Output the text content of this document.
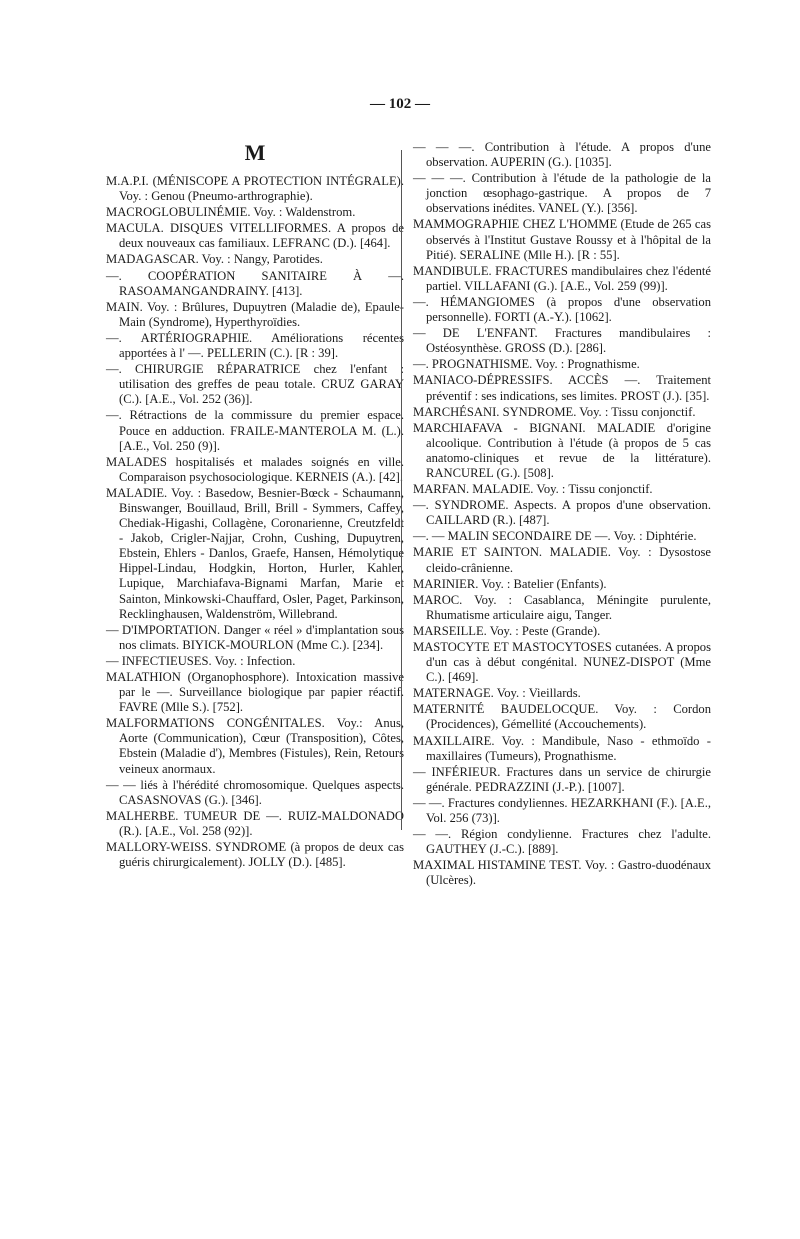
— 102 —
M

M.A.P.I. (MÉNISCOPE A PROTECTION INTÉGRALE). Voy. : Genou (Pneumo-arthrographie).

MACROGLOBULINÉMIE. Voy. : Waldenstrom.

MACULA. DISQUES VITELLIFORMES. A propos de deux nouveaux cas familiaux. LEFRANC (D.). [464].

MADAGASCAR. Voy. : Nangy, Parotides.

—. COOPÉRATION SANITAIRE À —. RASOAMANGANDRAINY. [413].

MAIN. Voy. : Brûlures, Dupuytren (Maladie de), Epaule-Main (Syndrome), Hyperthyroïdies.

—. ARTÉRIOGRAPHIE. Améliorations récentes apportées à l' —. PELLERIN (C.). [R : 39].

—. CHIRURGIE RÉPARATRICE chez l'enfant : utilisation des greffes de peau totale. CRUZ GARAY (C.). [A.E., Vol. 252 (36)].

—. Rétractions de la commissure du premier espace. Pouce en adduction. FRAILE-MANTEROLA M. (L.). [A.E., Vol. 250 (9)].

MALADES hospitalisés et malades soignés en ville. Comparaison psychosociologique. KERNEIS (A.). [42].

MALADIE. Voy. : Basedow, Besnier-Bœck - Schaumann, Binswanger, Bouillaud, Brill, Brill - Symmers, Caffey, Chediak-Higashi, Collagène, Coronarienne, Creutzfeldt - Jakob, Crigler-Najjar, Crohn, Cushing, Dupuytren, Ebstein, Ehlers - Danlos, Graefe, Hansen, Hémolytique Hippel-Lindau, Hodgkin, Horton, Hurler, Kahler, Lupique, Marchiafava-Bignami Marfan, Marie et Sainton, Minkowski-Chauffard, Osler, Paget, Parkinson, Recklinghausen, Waldenström, Willebrand.

— D'IMPORTATION. Danger « réel » d'implantation sous nos climats. BIYICK-MOURLON (Mme C.). [234].

— INFECTIEUSES. Voy. : Infection.

MALATHION (Organophosphore). Intoxication massive par le —. Surveillance biologique par papier réactif. FAVRE (Mlle S.). [752].

MALFORMATIONS CONGÉNITALES. Voy.: Anus, Aorte (Communication), Cœur (Transposition), Côtes, Ebstein (Maladie d'), Membres (Fistules), Rein, Retours veineux anormaux.

— — liés à l'hérédité chromosomique. Quelques aspects. CASASNOVAS (G.). [346].

MALHERBE. TUMEUR DE —. RUIZ-MALDONADO (R.). [A.E., Vol. 258 (92)].

MALLORY-WEISS. SYNDROME (à propos de deux cas guéris chirurgicalement). JOLLY (D.). [485].

— — —. Contribution à l'étude. A propos d'une observation. AUPERIN (G.). [1035].

— — —. Contribution à l'étude de la pathologie de la jonction œsophago-gastrique. A propos de 7 observations inédites. VANEL (Y.). [356].

MAMMOGRAPHIE CHEZ L'HOMME (Etude de 265 cas observés à l'Institut Gustave Roussy et à l'hôpital de la Pitié). SERALINE (Mlle H.). [R : 55].

MANDIBULE. FRACTURES mandibulaires chez l'édenté partiel. VILLAFANI (G.). [A.E., Vol. 259 (99)].

—. HÉMANGIOMES (à propos d'une observation personnelle). FORTI (A.-Y.). [1062].

— DE L'ENFANT. Fractures mandibulaires : Ostéosynthèse. GROSS (D.). [286].

—. PROGNATHISME. Voy. : Prognathisme.

MANIACO-DÉPRESSIFS. ACCÈS —. Traitement préventif : ses indications, ses limites. PROST (J.). [35].

MARCHÉSANI. SYNDROME. Voy. : Tissu conjonctif.

MARCHIAFAVA - BIGNANI. MALADIE d'origine alcoolique. Contribution à l'étude (à propos de 5 cas anatomo-cliniques et revue de la littérature). RANCUREL (G.). [508].

MARFAN. MALADIE. Voy. : Tissu conjonctif.

—. SYNDROME. Aspects. A propos d'une observation. CAILLARD (R.). [487].

—. — MALIN SECONDAIRE DE —. Voy. : Diphtérie.

MARIE ET SAINTON. MALADIE. Voy. : Dysostose cleido-crânienne.

MARINIER. Voy. : Batelier (Enfants).

MAROC. Voy. : Casablanca, Méningite purulente, Rhumatisme articulaire aigu, Tanger.

MARSEILLE. Voy. : Peste (Grande).

MASTOCYTE ET MASTOCYTOSES cutanées. A propos d'un cas à début congénital. NUNEZ-DISPOT (Mme C.). [469].

MATERNAGE. Voy. : Vieillards.

MATERNITÉ BAUDELOCQUE. Voy. : Cordon (Procidences), Gémellité (Accouchements).

MAXILLAIRE. Voy. : Mandibule, Naso - ethmoïdo - maxillaires (Tumeurs), Prognathisme.

— INFÉRIEUR. Fractures dans un service de chirurgie générale. PEDRAZZINI (J.-P.). [1007].

— —. Fractures condyliennes. HEZARKHANI (F.). [A.E., Vol. 256 (73)].

— —. Région condylienne. Fractures chez l'adulte. GAUTHEY (J.-C.). [889].

MAXIMAL HISTAMINE TEST. Voy. : Gastro-duodénaux (Ulcères).
